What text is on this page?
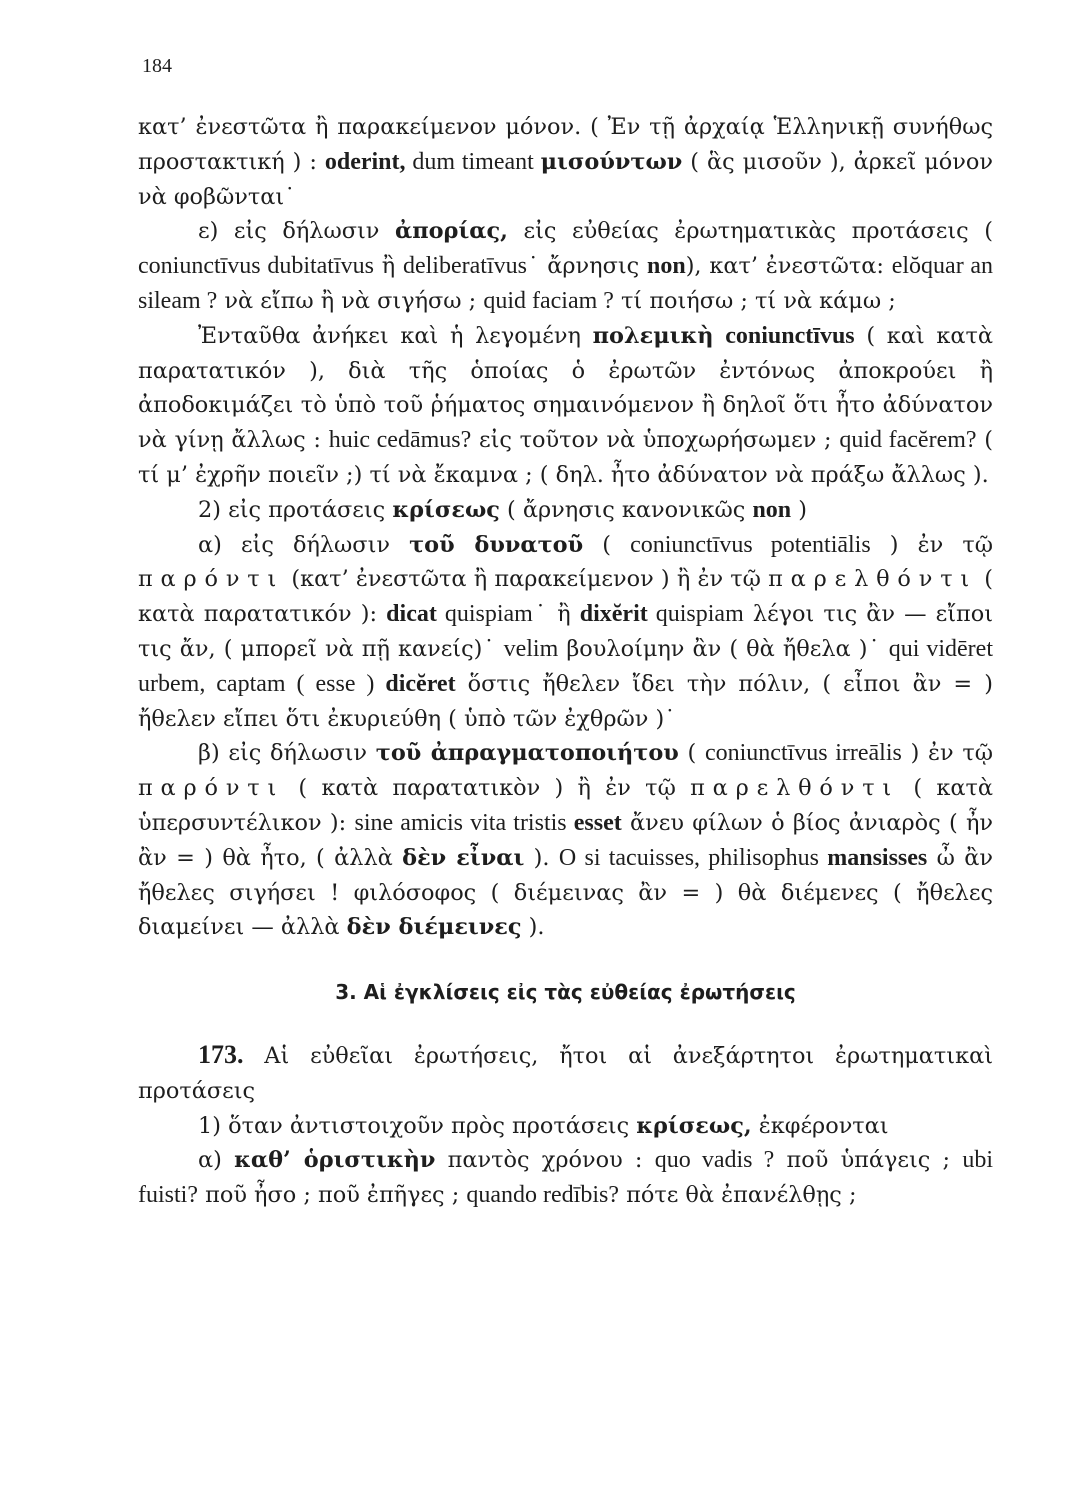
184

κατ’ ἐνεστῶτα ἢ παρακείμενον μόνον. ( Ἐν τῇ ἀρχαίᾳ Ἑλληνικῇ συνήθως προστακτική ) : oderint, dum timeant μισούντων ( ἃς μισοῦν ), ἀρκεῖ μόνον νὰ φοβῶνται˙

ε) εἰς δήλωσιν ἀπορίας, εἰς εὐθείας ἐρωτηματικὰς προτάσεις ( coniunctīvus dubitatīvus ἢ deliberatīvus˙ ἄρνησις non), κατ’ ἐνεστῶτα: elŏquar an sileam ? νὰ εἴπω ἢ νὰ σιγήσω ; quid faciam ? τί ποιήσω ; τί νὰ κάμω ;

Ἐνταῦθα ἀνήκει καὶ ἡ λεγομένη πολεμικὴ coniunctīvus ( καὶ κατὰ παρατατικόν ), διὰ τῆς ὁποίας ὁ ἐρωτῶν ἐντόνως ἀποκρούει ἢ ἀποδοκιμάζει τὸ ὑπὸ τοῦ ῥήματος σημαινόμενον ἢ δηλοῖ ὅτι ἦτο ἀδύνατον νὰ γίνῃ ἄλλως : huic cedāmus? εἰς τοῦτον νὰ ὑποχωρήσωμεν ; quid facĕrem? ( τί μ’ ἐχρῆν ποιεῖν ;) τί νὰ ἔκαμνα ; ( δηλ. ἦτο ἀδύνατον νὰ πράξω ἄλλως ).

2) εἰς προτάσεις κρίσεως ( ἄρνησις κανονικῶς non )

α) εἰς δήλωσιν τοῦ δυνατοῦ ( coniunctīvus potentiālis ) ἐν τῷ παρόντι (κατ’ ἐνεστῶτα ἢ παρακείμενον ) ἢ ἐν τῷ παρελθόντι ( κατὰ παρατατικόν ): dicat quispiam˙ ἢ dixĕrit quispiam λέγοι τις ἂν — εἴποι τις ἄν, ( μπορεῖ νὰ πῇ κανείς)˙ velim βουλοίμην ἂν ( θὰ ἤθελα )˙ qui vidēret urbem, captam ( esse ) dicĕret ὅστις ἤθελεν ἴδει τὴν πόλιν, ( εἶποι ἂν = ) ἤθελεν εἴπει ὅτι ἐκυριεύθη ( ὑπὸ τῶν ἐχθρῶν )˙

β) εἰς δήλωσιν τοῦ ἀπραγματοποιήτου ( coniunctīvus irreālis ) ἐν τῷ παρόντι ( κατὰ παρατατικὸν ) ἢ ἐν τῷ παρελθόντι ( κατὰ ὑπερσυντέλικον ): sine amicis vita tristis esset ἄνευ φίλων ὁ βίος ἀνιαρὸς ( ἦν ἂν = ) θὰ ἦτο, ( ἀλλὰ δὲν εἶναι ). O si tacuisses, philisophus mansisses ὦ ἂν ἤθελες σιγήσει ! φιλόσοφος ( διέμεινας ἂν = ) θὰ διέμενες ( ἤθελες διαμείνει — ἀλλὰ δὲν διέμεινες ).

3. Αἱ ἐγκλίσεις εἰς τὰς εὐθείας ἐρωτήσεις

173. Αἱ εὐθεῖαι ἐρωτήσεις, ἤτοι αἱ ἀνεξάρτητοι ἐρωτηματικαὶ προτάσεις

1) ὅταν ἀντιστοιχοῦν πρὸς προτάσεις κρίσεως, ἐκφέρονται

α) καθ’ ὁριστικὴν παντὸς χρόνου : quo vadis ? ποῦ ὑπάγεις ; ubi fuisti? ποῦ ἦσο ; ποῦ ἐπῆγες ; quando redībis? πότε θὰ ἐπανέλθῃς ;
